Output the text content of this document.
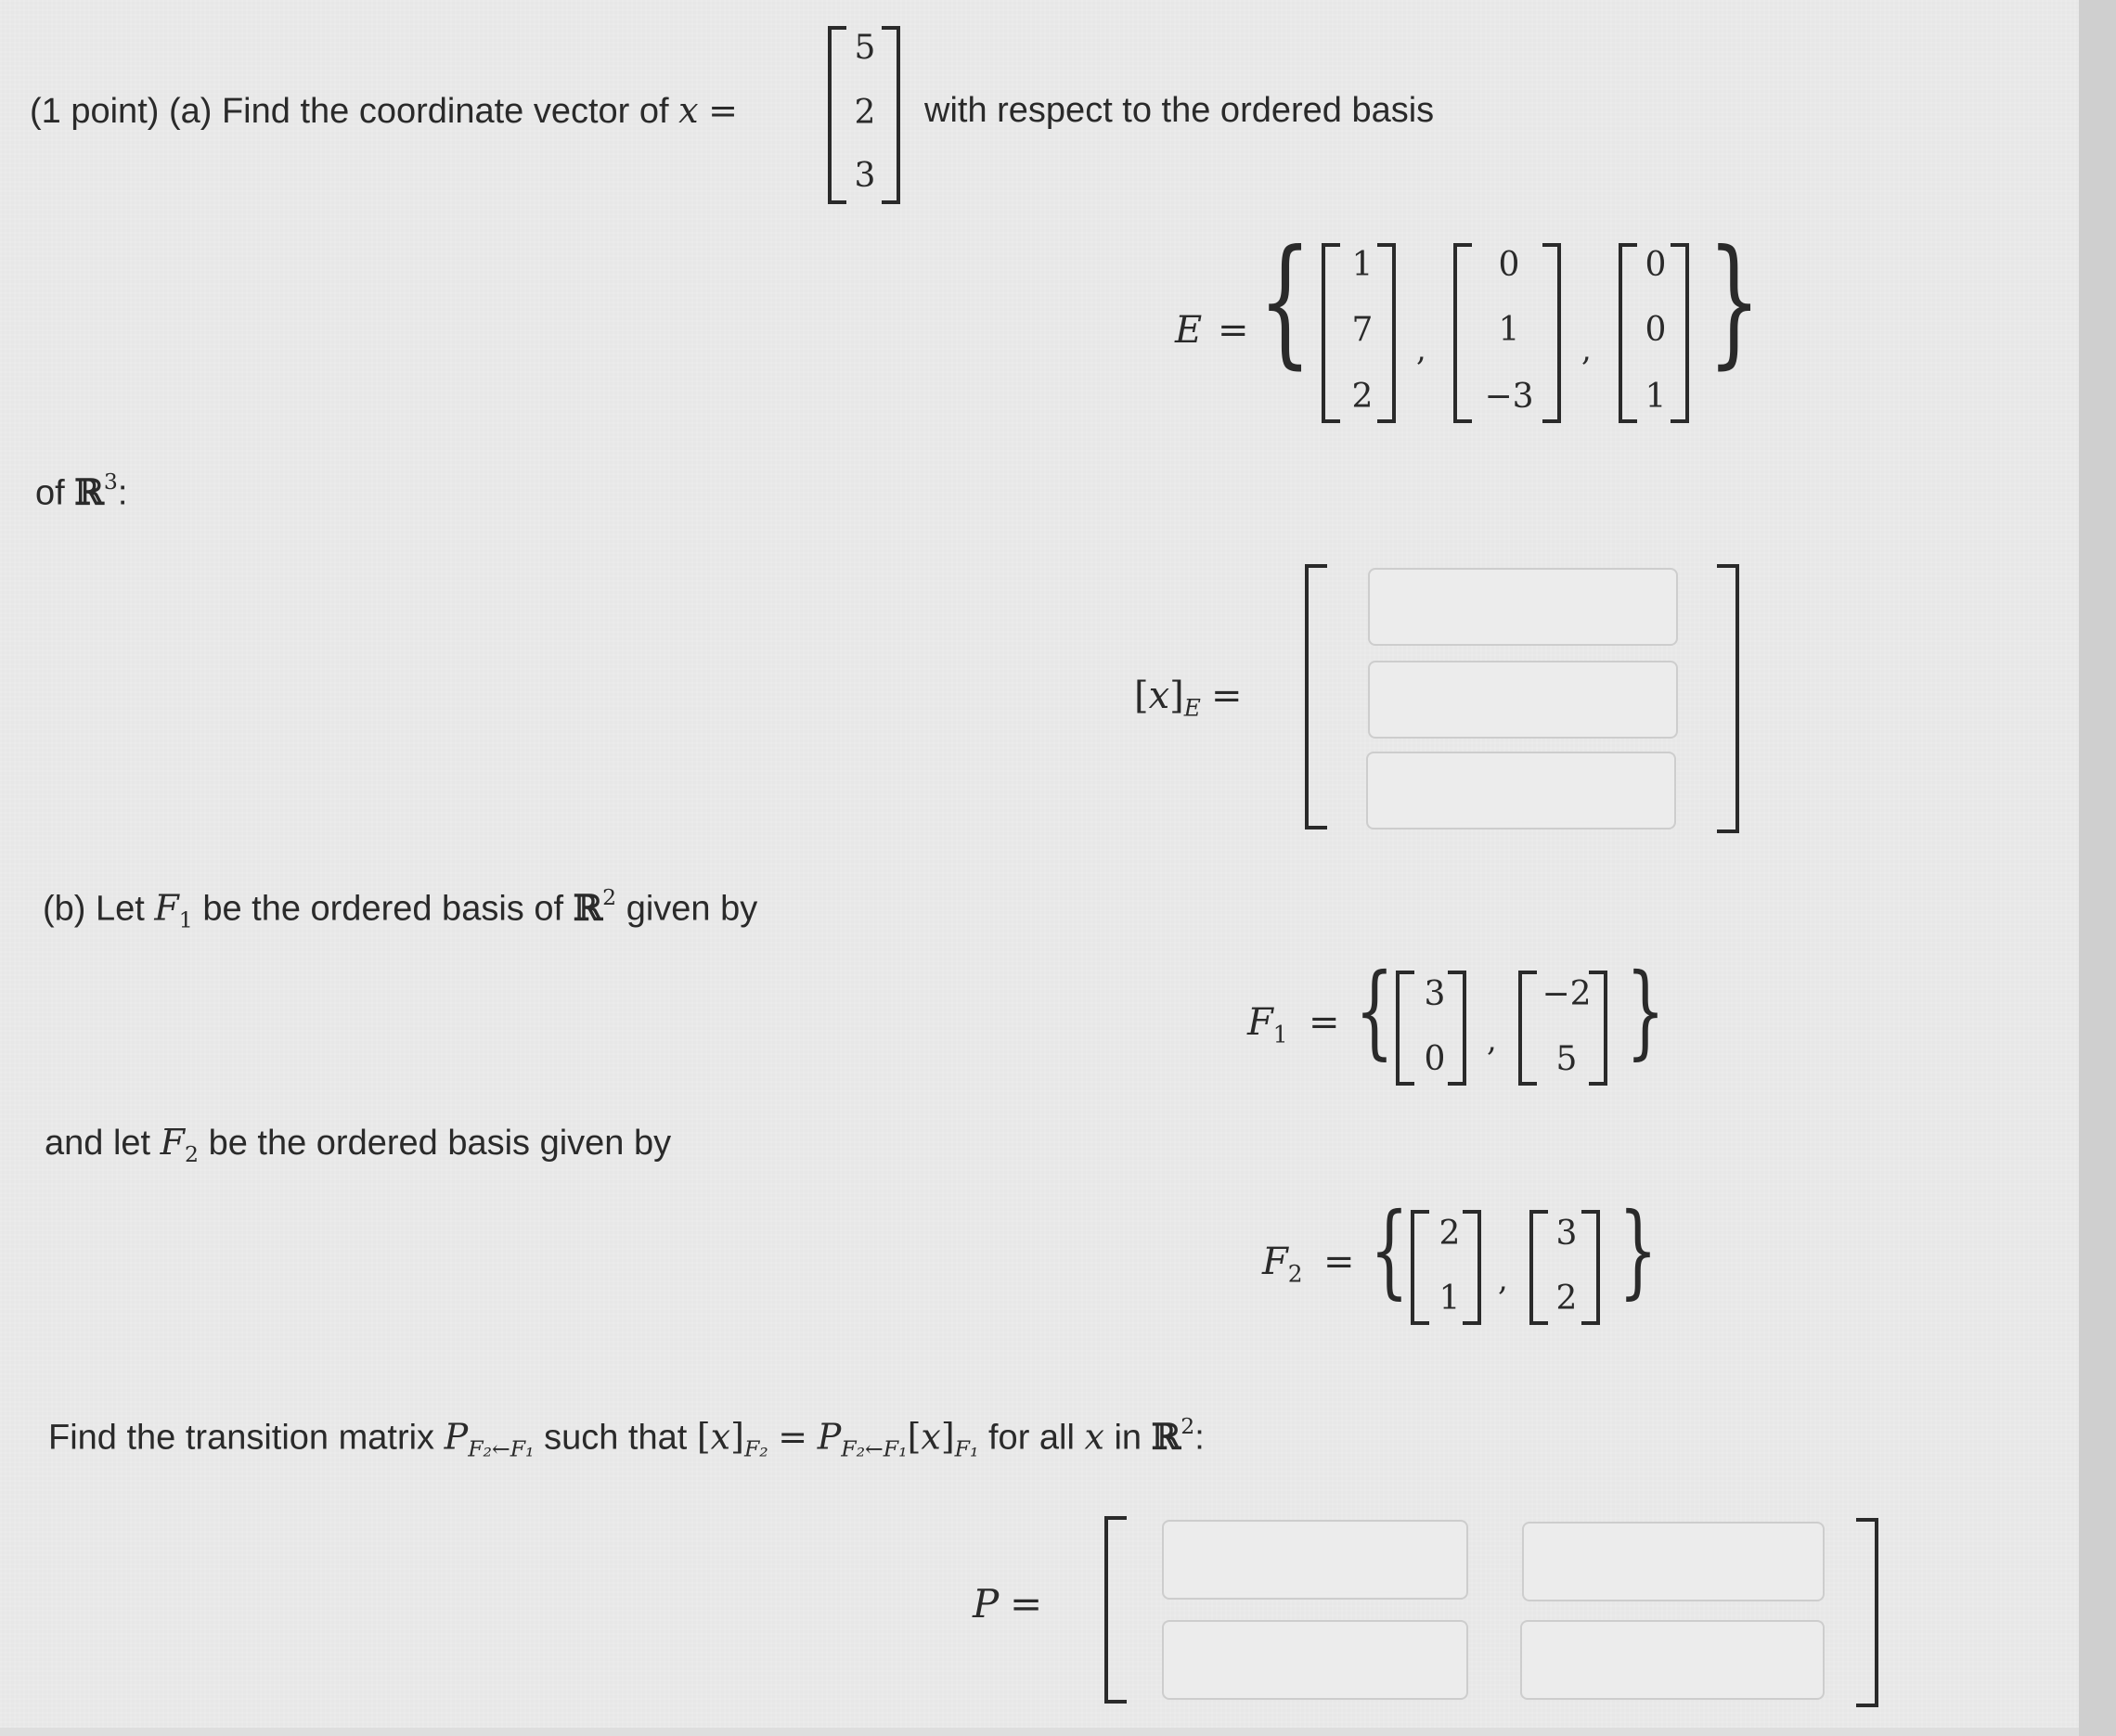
(1 point) (a) Find the coordinate vector of x =
5
2
3
with respect to the ordered basis
E = {	1
7
2
,
0
1
−3
,
0
0
1
}
of ℝ$^3$:
$[x]_E$ =
(b) Let $F_1$ be the ordered basis of ℝ$^2$ given by
$F_1$ = { 3
0	,
−2
5 }
and let $F_2$ be the ordered basis given by
$F_2$ = { 2
1	,
3
2 }
Find the transition matrix $P_{F_2\leftarrow F_1}$ such that $[x]_{F_2} = P_{F_2\leftarrow F_1}[x]_{F_1}$ for all x in ℝ$^2$:
P =
